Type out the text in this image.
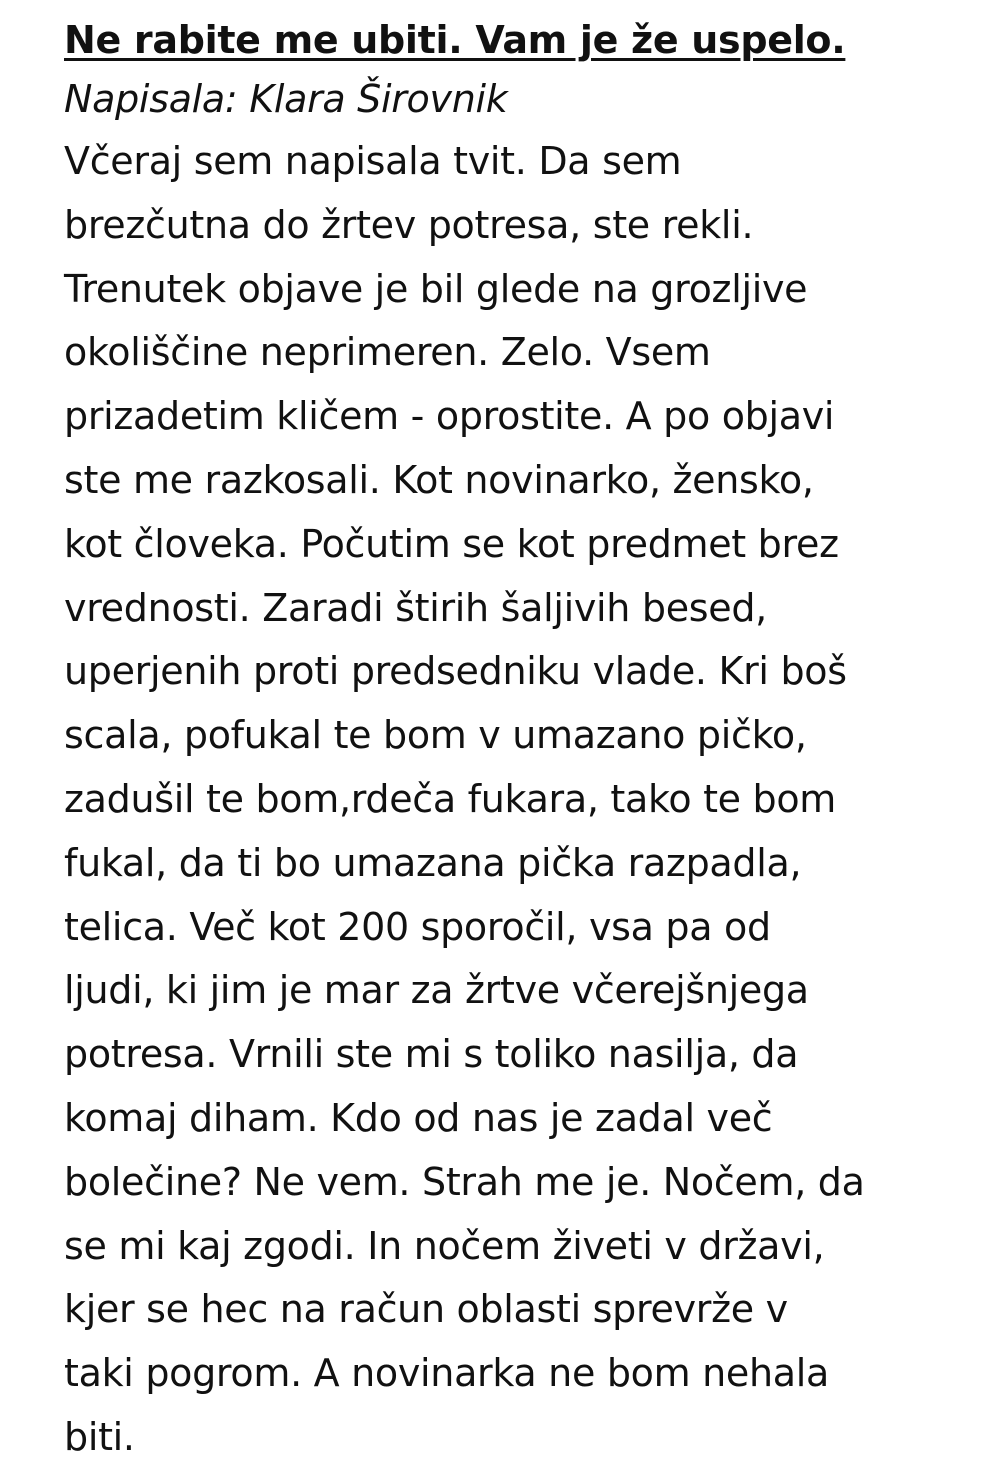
Ne rabite me ubiti. Vam je že uspelo.

Napisala: Klara Širovnik

Včeraj sem napisala tvit. Da sem
brezčutna do žrtev potresa, ste rekli.
Trenutek objave je bil glede na grozljive
okoliščine neprimeren. Zelo. Vsem
prizadetim kličem - oprostite. A po objavi
ste me razkosali. Kot novinarko, žensko,
kot človeka. Počutim se kot predmet brez
vrednosti. Zaradi štirih šaljivih besed,
uperjenih proti predsedniku vlade. Kri boš
scala, pofukal te bom v umazano pičko,
zadušil te bom,rdeča fukara, tako te bom
fukal, da ti bo umazana pička razpadla,
telica. Več kot 200 sporočil, vsa pa od
ljudi, ki jim je mar za žrtve včerejšnjega
potresa. Vrnili ste mi s toliko nasilja, da
komaj diham. Kdo od nas je zadal več
bolečine? Ne vem. Strah me je. Nočem, da
se mi kaj zgodi. In nočem živeti v državi,
kjer se hec na račun oblasti sprevrže v
taki pogrom. A novinarka ne bom nehala
biti.
